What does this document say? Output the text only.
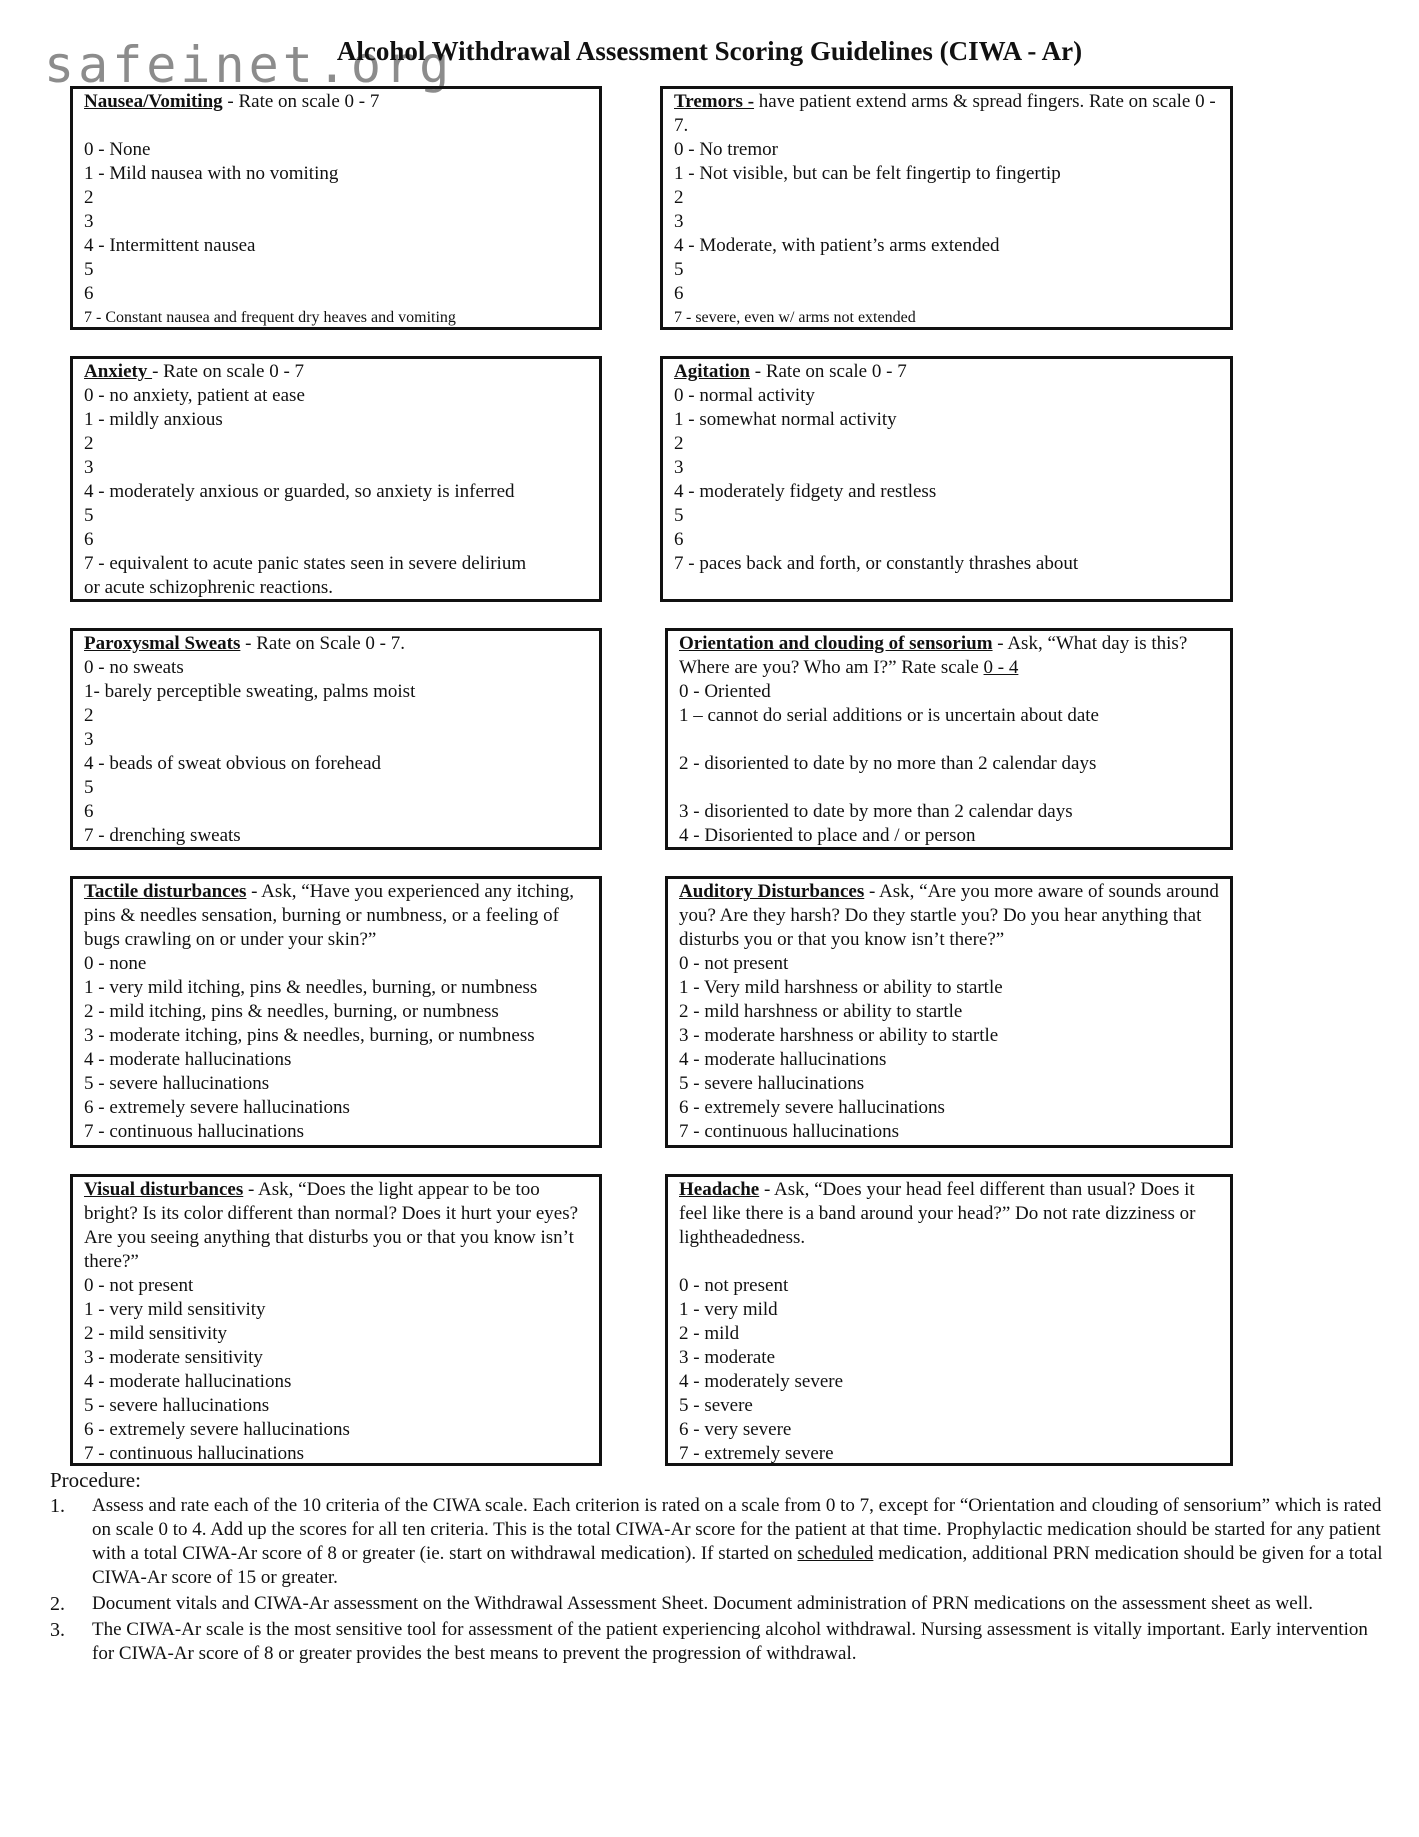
safeinet.org
Alcohol Withdrawal Assessment Scoring Guidelines (CIWA - Ar)
Nausea/Vomiting - Rate on scale 0 - 7
0 - None
1 - Mild nausea with no vomiting
2
3
4 - Intermittent nausea
5
6
7 - Constant nausea and frequent dry heaves and vomiting
Tremors - have patient extend arms & spread fingers. Rate on scale 0 - 7.
0 - No tremor
1 - Not visible, but can be felt fingertip to fingertip
2
3
4 - Moderate, with patient’s arms extended
5
6
7 - severe, even w/ arms not extended
Anxiety - Rate on scale 0 - 7
0 - no anxiety, patient at ease
1 - mildly anxious
2
3
4 - moderately anxious or guarded, so anxiety is inferred
5
6
7 - equivalent to acute panic states seen in severe delirium
or acute schizophrenic reactions.
Agitation - Rate on scale 0 - 7
0 - normal activity
1 - somewhat normal activity
2
3
4 - moderately fidgety and restless
5
6
7 - paces back and forth, or constantly thrashes about
Paroxysmal Sweats - Rate on Scale 0 - 7.
0 - no sweats
1- barely perceptible sweating, palms moist
2
3
4 - beads of sweat obvious on forehead
5
6
7 - drenching sweats
Orientation and clouding of sensorium - Ask, “What day is this? Where are you? Who am I?” Rate scale 0 - 4
0 - Oriented
1 – cannot do serial additions or is uncertain about date
2 - disoriented to date by no more than 2 calendar days
3 - disoriented to date by more than 2 calendar days
4 - Disoriented to place and / or person
Tactile disturbances - Ask, “Have you experienced any itching, pins & needles sensation, burning or numbness, or a feeling of bugs crawling on or under your skin?”
0 - none
1 - very mild itching, pins & needles, burning, or numbness
2 - mild itching, pins & needles, burning, or numbness
3 - moderate itching, pins & needles, burning, or numbness
4 - moderate hallucinations
5 - severe hallucinations
6 - extremely severe hallucinations
7 - continuous hallucinations
Auditory Disturbances - Ask, “Are you more aware of sounds around you? Are they harsh? Do they startle you? Do you hear anything that disturbs you or that you know isn’t there?”
0 - not present
1 - Very mild harshness or ability to startle
2 - mild harshness or ability to startle
3 - moderate harshness or ability to startle
4 - moderate hallucinations
5 - severe hallucinations
6 - extremely severe hallucinations
7 - continuous hallucinations
Visual disturbances - Ask, “Does the light appear to be too bright? Is its color different than normal? Does it hurt your eyes? Are you seeing anything that disturbs you or that you know isn’t there?”
0 - not present
1 - very mild sensitivity
2 - mild sensitivity
3 - moderate sensitivity
4 - moderate hallucinations
5 - severe hallucinations
6 - extremely severe hallucinations
7 - continuous hallucinations
Headache - Ask, “Does your head feel different than usual? Does it feel like there is a band around your head?” Do not rate dizziness or lightheadedness.
0 - not present
1 - very mild
2 - mild
3 - moderate
4 - moderately severe
5 - severe
6 - very severe
7 - extremely severe
Procedure:
1. Assess and rate each of the 10 criteria of the CIWA scale. Each criterion is rated on a scale from 0 to 7, except for “Orientation and clouding of sensorium” which is rated on scale 0 to 4. Add up the scores for all ten criteria. This is the total CIWA-Ar score for the patient at that time. Prophylactic medication should be started for any patient with a total CIWA-Ar score of 8 or greater (ie. start on withdrawal medication). If started on scheduled medication, additional PRN medication should be given for a total CIWA-Ar score of 15 or greater.
2. Document vitals and CIWA-Ar assessment on the Withdrawal Assessment Sheet. Document administration of PRN medications on the assessment sheet as well.
3. The CIWA-Ar scale is the most sensitive tool for assessment of the patient experiencing alcohol withdrawal. Nursing assessment is vitally important. Early intervention for CIWA-Ar score of 8 or greater provides the best means to prevent the progression of withdrawal.
